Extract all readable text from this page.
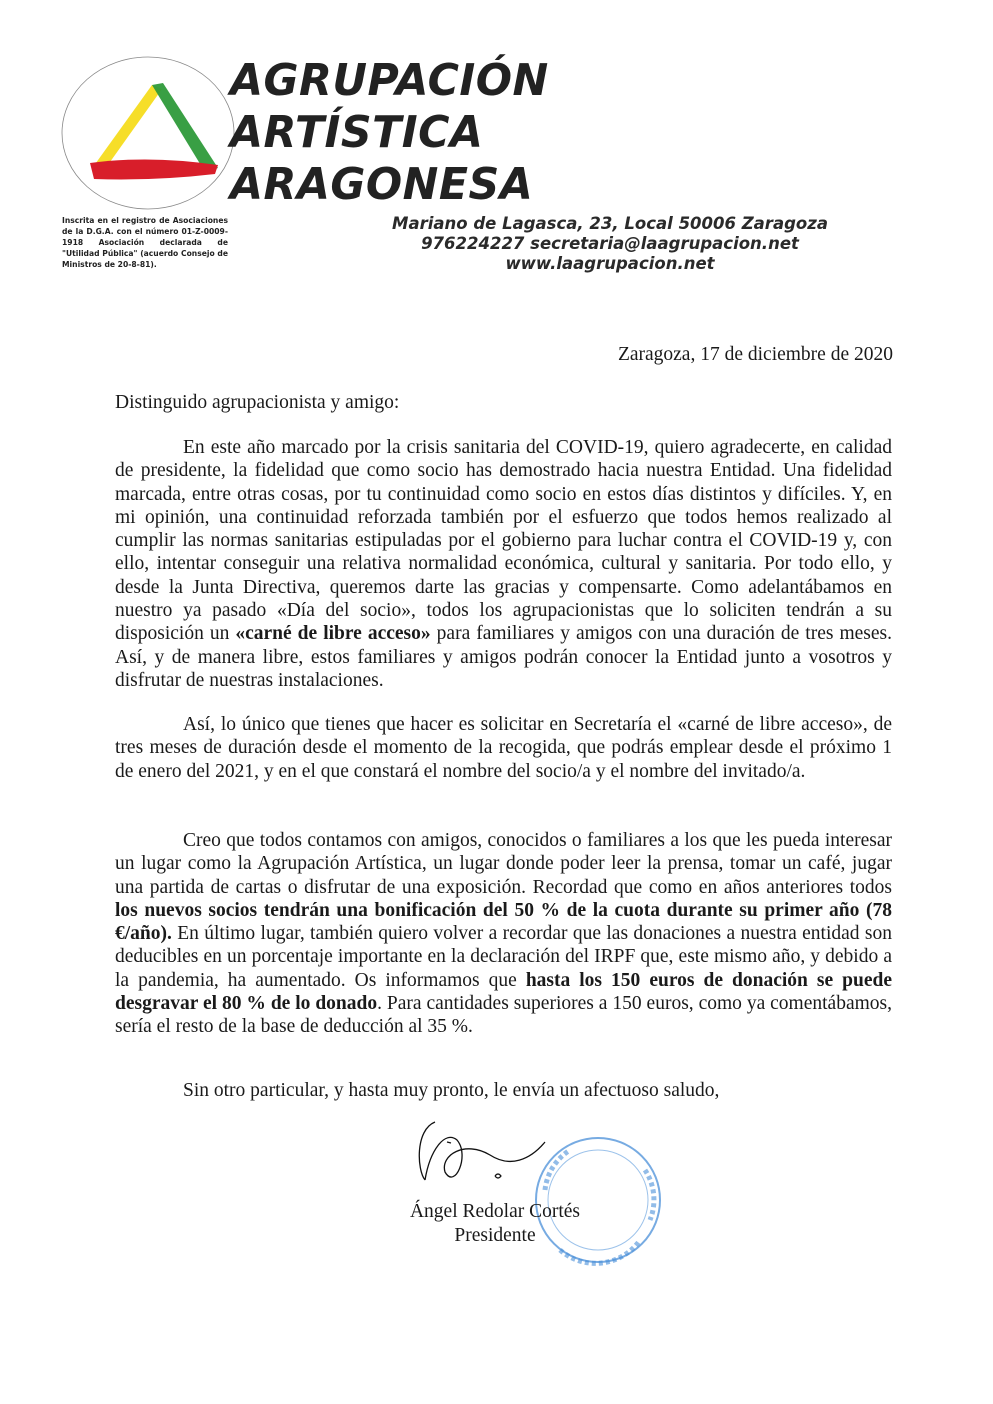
AGRUPACIÓN
ARTÍSTICA
ARAGONESA
Inscrita en el registro de Asociaciones de la D.G.A. con el número 01-Z-0009-1918 Asociación declarada de "Utilidad Pública" (acuerdo Consejo de Ministros de 20-8-81).
Mariano de Lagasca, 23, Local 50006 Zaragoza
976224227 secretaria@laagrupacion.net
www.laagrupacion.net
Zaragoza, 17 de diciembre de 2020
Distinguido agrupacionista y amigo:

En este año marcado por la crisis sanitaria del COVID-19, quiero agradecerte, en calidad de presidente, la fidelidad que como socio has demostrado hacia nuestra Entidad. Una fidelidad marcada, entre otras cosas, por tu continuidad como socio en estos días distintos y difíciles. Y, en mi opinión, una continuidad reforzada también por el esfuerzo que todos hemos realizado al cumplir las normas sanitarias estipuladas por el gobierno para luchar contra el COVID-19 y, con ello, intentar conseguir una relativa normalidad económica, cultural y sanitaria. Por todo ello, y desde la Junta Directiva, queremos darte las gracias y compensarte. Como adelantábamos en nuestro ya pasado «Día del socio», todos los agrupacionistas que lo soliciten tendrán a su disposición un «carné de libre acceso» para familiares y amigos con una duración de tres meses. Así, y de manera libre, estos familiares y amigos podrán conocer la Entidad junto a vosotros y disfrutar de nuestras instalaciones.

Así, lo único que tienes que hacer es solicitar en Secretaría el «carné de libre acceso», de tres meses de duración desde el momento de la recogida, que podrás emplear desde el próximo 1 de enero del 2021, y en el que constará el nombre del socio/a y el nombre del invitado/a.

Creo que todos contamos con amigos, conocidos o familiares a los que les pueda interesar un lugar como la Agrupación Artística, un lugar donde poder leer la prensa, tomar un café, jugar una partida de cartas o disfrutar de una exposición. Recordad que como en años anteriores todos los nuevos socios tendrán una bonificación del 50 % de la cuota durante su primer año (78 €/año). En último lugar, también quiero volver a recordar que las donaciones a nuestra entidad son deducibles en un porcentaje importante en la declaración del IRPF que, este mismo año, y debido a la pandemia, ha aumentado. Os informamos que hasta los 150 euros de donación se puede desgravar el 80 % de lo donado. Para cantidades superiores a 150 euros, como ya comentábamos, sería el resto de la base de deducción al 35 %.

Sin otro particular, y hasta muy pronto, le envía un afectuoso saludo,
Ángel Redolar Cortés
Presidente
